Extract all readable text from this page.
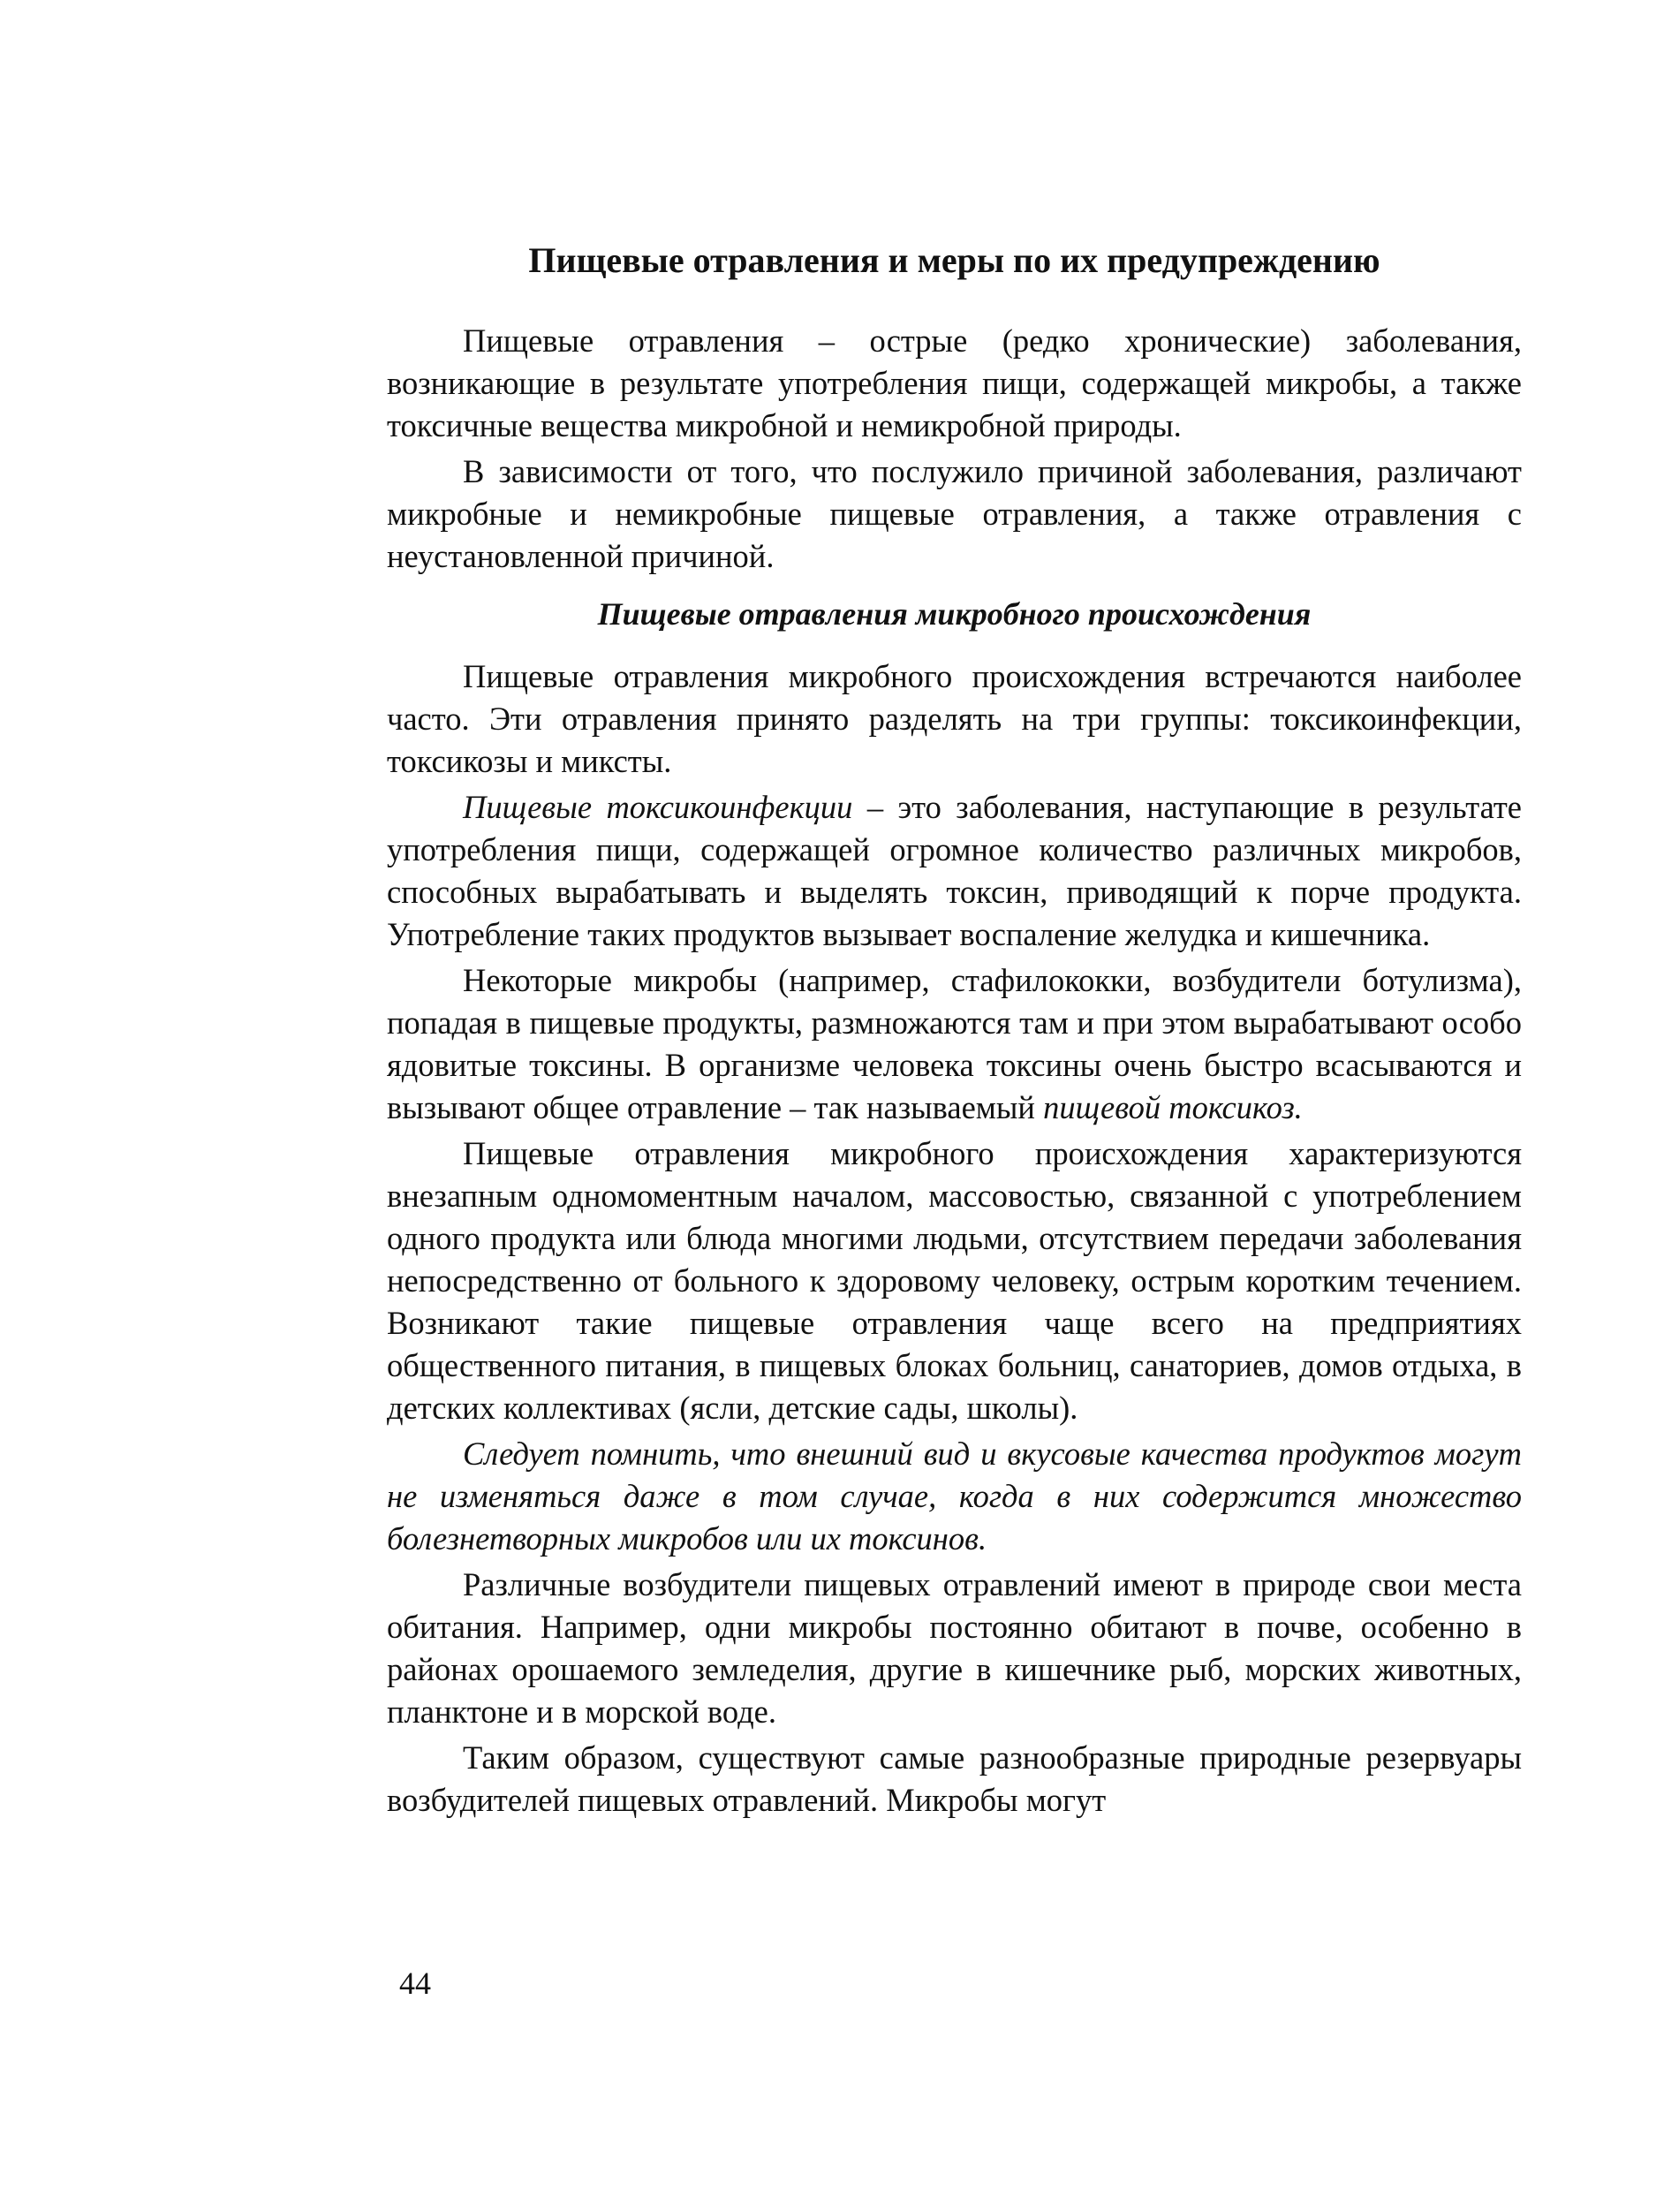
Пищевые отравления и меры по их предупреждению

Пищевые отравления – острые (редко хронические) заболевания, возникающие в результате употребления пищи, содержащей микробы, а также токсичные вещества микробной и немикробной природы.

В зависимости от того, что послужило причиной заболевания, различают микробные и немикробные пищевые отравления, а также отравления с неустановленной причиной.

Пищевые отравления микробного происхождения

Пищевые отравления микробного происхождения встречаются наиболее часто. Эти отравления принято разделять на три группы: токсикоинфекции, токсикозы и миксты.

Пищевые токсикоинфекции – это заболевания, наступающие в результате употребления пищи, содержащей огромное количество различных микробов, способных вырабатывать и выделять токсин, приводящий к порче продукта. Употребление таких продуктов вызывает воспаление желудка и кишечника.

Некоторые микробы (например, стафилококки, возбудители ботулизма), попадая в пищевые продукты, размножаются там и при этом вырабатывают особо ядовитые токсины. В организме человека токсины очень быстро всасываются и вызывают общее отравление – так называемый пищевой токсикоз.

Пищевые отравления микробного происхождения характеризуются внезапным одномоментным началом, массовостью, связанной с употреблением одного продукта или блюда многими людьми, отсутствием передачи заболевания непосредственно от больного к здоровому человеку, острым коротким течением. Возникают такие пищевые отравления чаще всего на предприятиях общественного питания, в пищевых блоках больниц, санаториев, домов отдыха, в детских коллективах (ясли, детские сады, школы).

Следует помнить, что внешний вид и вкусовые качества продуктов могут не изменяться даже в том случае, когда в них содержится множество болезнетворных микробов или их токсинов.

Различные возбудители пищевых отравлений имеют в природе свои места обитания. Например, одни микробы постоянно обитают в почве, особенно в районах орошаемого земледелия, другие в кишечнике рыб, морских животных, планктоне и в морской воде.

Таким образом, существуют самые разнообразные природные резервуары возбудителей пищевых отравлений. Микробы могут

44
